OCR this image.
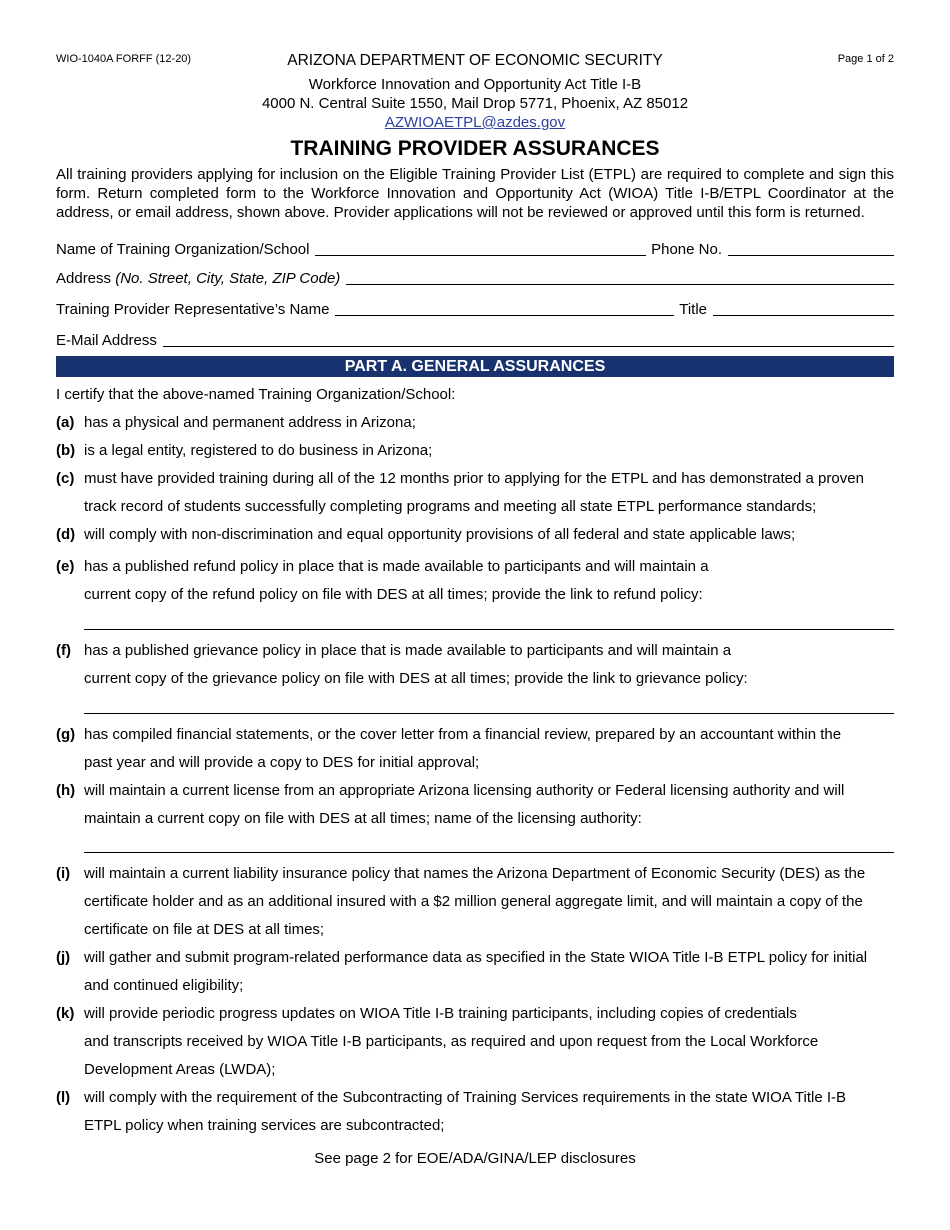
WIO-1040A FORFF (12-20)	Page 1 of 2
ARIZONA DEPARTMENT OF ECONOMIC SECURITY
Workforce Innovation and Opportunity Act Title I-B
4000 N. Central Suite 1550, Mail Drop 5771, Phoenix, AZ 85012
AZWIOAETPL@azdes.gov
TRAINING PROVIDER ASSURANCES
All training providers applying for inclusion on the Eligible Training Provider List (ETPL) are required to complete and sign this form. Return completed form to the Workforce Innovation and Opportunity Act (WIOA) Title I-B/ETPL Coordinator at the address, or email address, shown above. Provider applications will not be reviewed or approved until this form is returned.
Name of Training Organization/School	Phone No.
Address (No. Street, City, State, ZIP Code)
Training Provider Representative’s Name	Title
E-Mail Address
PART A. GENERAL ASSURANCES
I certify that the above-named Training Organization/School:
(a) has a physical and permanent address in Arizona;
(b) is a legal entity, registered to do business in Arizona;
(c) must have provided training during all of the 12 months prior to applying for the ETPL and has demonstrated a proven
track record of students successfully completing programs and meeting all state ETPL performance standards;
(d) will comply with non-discrimination and equal opportunity provisions of all federal and state applicable laws;
(e) has a published refund policy in place that is made available to participants and will maintain a
current copy of the refund policy on file with DES at all times; provide the link to refund policy:
(f) has a published grievance policy in place that is made available to participants and will maintain a
current copy of the grievance policy on file with DES at all times; provide the link to grievance policy:
(g) has compiled financial statements, or the cover letter from a financial review, prepared by an accountant within the
past year and will provide a copy to DES for initial approval;
(h) will maintain a current license from an appropriate Arizona licensing authority or Federal licensing authority and will
maintain a current copy on file with DES at all times; name of the licensing authority:
(i) will maintain a current liability insurance policy that names the Arizona Department of Economic Security (DES) as the
certificate holder and as an additional insured with a $2 million general aggregate limit, and will maintain a copy of the
certificate on file at DES at all times;
(j) will gather and submit program-related performance data as specified in the State WIOA Title I-B ETPL policy for initial
and continued eligibility;
(k) will provide periodic progress updates on WIOA Title I-B training participants, including copies of credentials
and transcripts received by WIOA Title I-B participants, as required and upon request from the Local Workforce
Development Areas (LWDA);
(l) will comply with the requirement of the Subcontracting of Training Services requirements in the state WIOA Title I-B
ETPL policy when training services are subcontracted;
See page 2 for EOE/ADA/GINA/LEP disclosures
